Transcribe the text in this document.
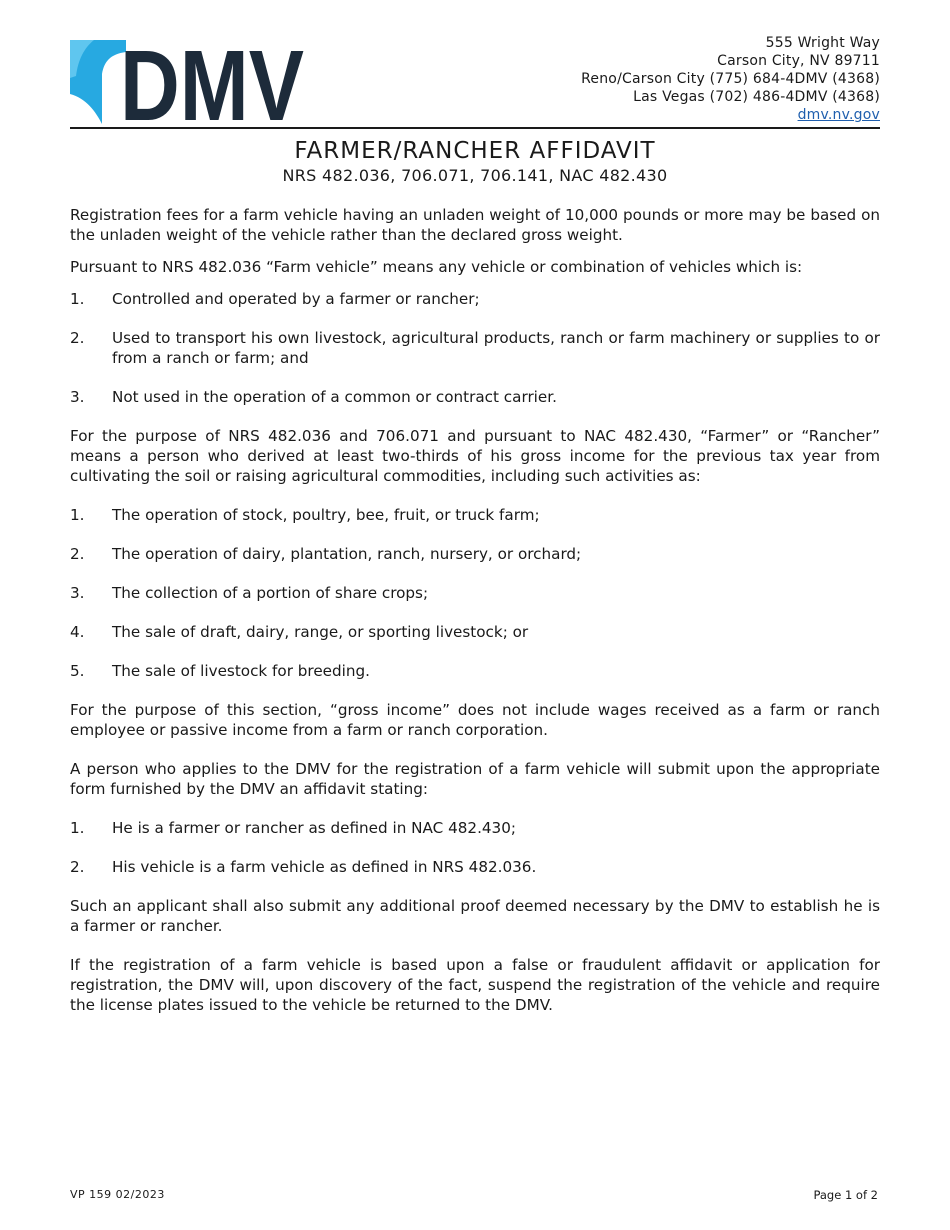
DMV	555 Wright Way
Carson City, NV 89711
Reno/Carson City (775) 684-4DMV (4368)
Las Vegas (702) 486-4DMV (4368)
dmv.nv.gov
FARMER/RANCHER AFFIDAVIT
NRS 482.036, 706.071, 706.141, NAC 482.430

Registration fees for a farm vehicle having an unladen weight of 10,000 pounds or more may be based on the unladen weight of the vehicle rather than the declared gross weight.

Pursuant to NRS 482.036 “Farm vehicle” means any vehicle or combination of vehicles which is:

1.	Controlled and operated by a farmer or rancher;
2.	Used to transport his own livestock, agricultural products, ranch or farm machinery or supplies to or from a ranch or farm; and
3.	Not used in the operation of a common or contract carrier.

For the purpose of NRS 482.036 and 706.071 and pursuant to NAC 482.430, “Farmer” or “Rancher” means a person who derived at least two-thirds of his gross income for the previous tax year from cultivating the soil or raising agricultural commodities, including such activities as:

1.	The operation of stock, poultry, bee, fruit, or truck farm;
2.	The operation of dairy, plantation, ranch, nursery, or orchard;
3.	The collection of a portion of share crops;
4.	The sale of draft, dairy, range, or sporting livestock; or
5.	The sale of livestock for breeding.

For the purpose of this section, “gross income” does not include wages received as a farm or ranch employee or passive income from a farm or ranch corporation.

A person who applies to the DMV for the registration of a farm vehicle will submit upon the appropriate form furnished by the DMV an affidavit stating:

1.	He is a farmer or rancher as defined in NAC 482.430;
2.	His vehicle is a farm vehicle as defined in NRS 482.036.

Such an applicant shall also submit any additional proof deemed necessary by the DMV to establish he is a farmer or rancher.

If the registration of a farm vehicle is based upon a false or fraudulent affidavit or application for registration, the DMV will, upon discovery of the fact, suspend the registration of the vehicle and require the license plates issued to the vehicle be returned to the DMV.

VP 159 02/2023	Page 1 of 2
